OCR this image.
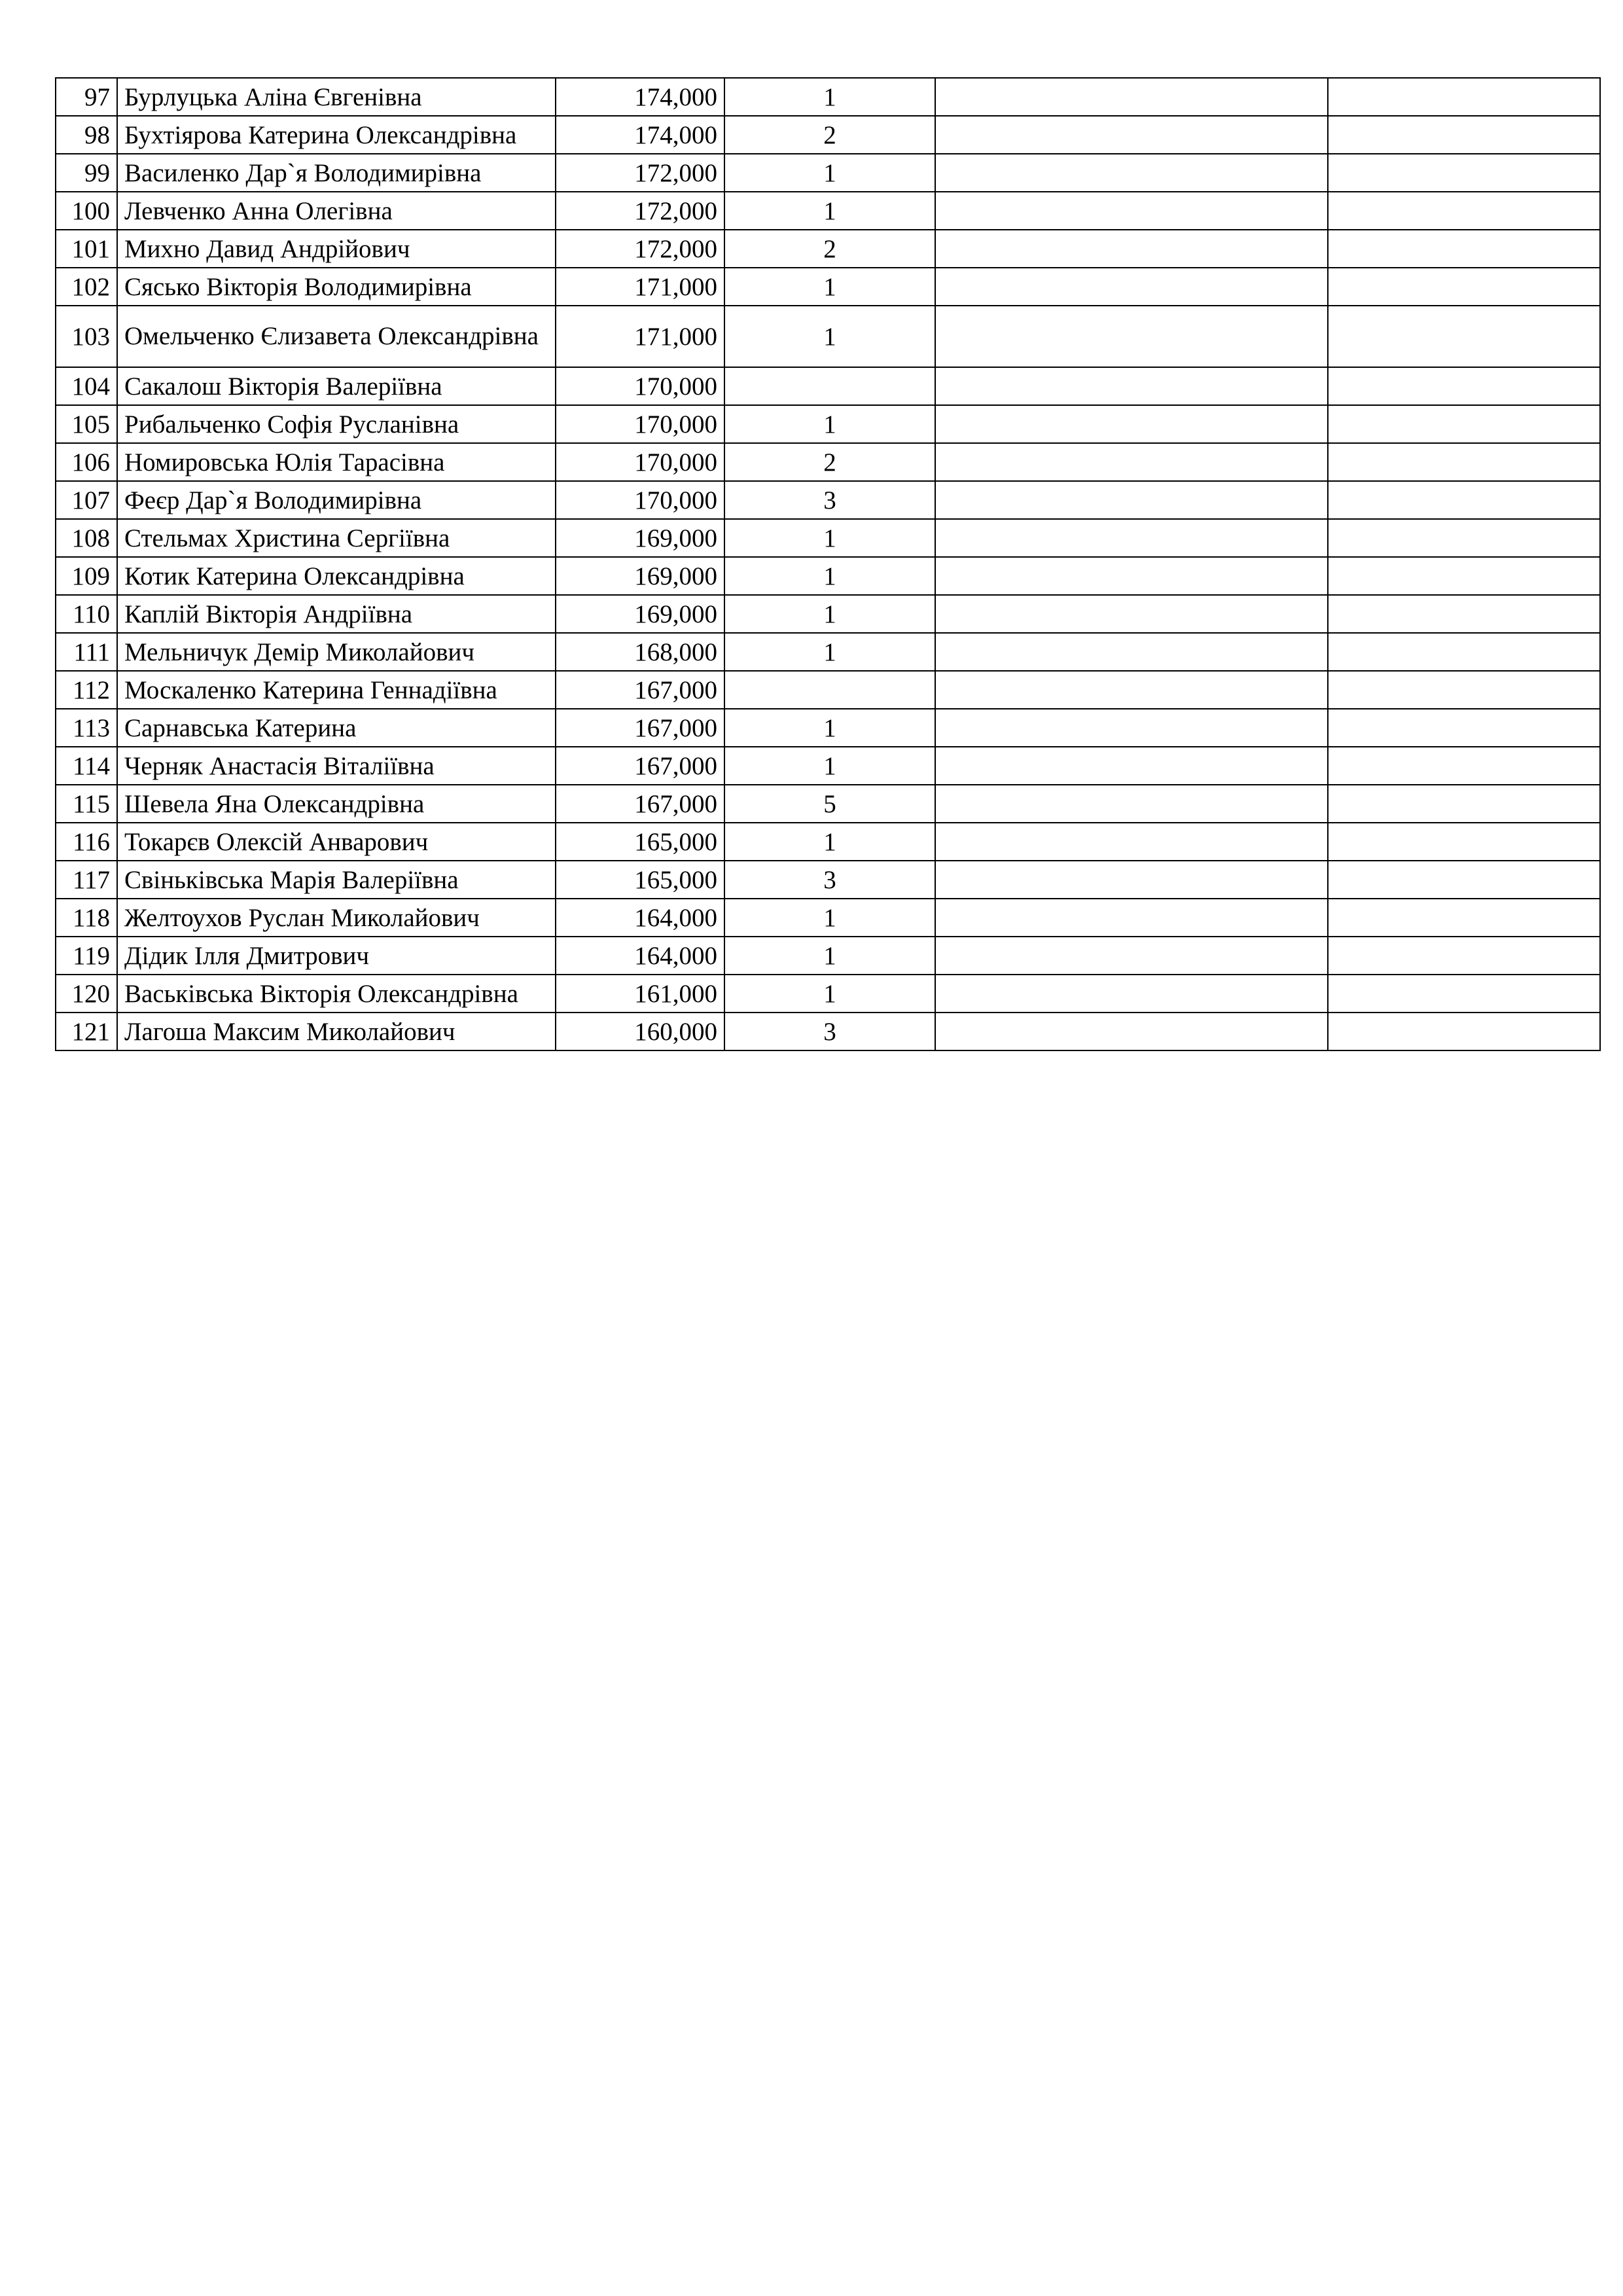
97	Бурлуцька Аліна Євгенівна	174,000	1		
98	Бухтіярова Катерина Олександрівна	174,000	2		
99	Василенко Дар`я Володимирівна	172,000	1		
100	Левченко Анна Олегівна	172,000	1		
101	Михно Давид Андрійович	172,000	2		
102	Сясько Вікторія Володимирівна	171,000	1		
103	Омельченко Єлизавета Олександрівна	171,000	1		
104	Сакалош Вікторія Валеріївна	170,000			
105	Рибальченко Софія Русланівна	170,000	1		
106	Номировська Юлія Тарасівна	170,000	2		
107	Феєр Дар`я Володимирівна	170,000	3		
108	Стельмах Христина Сергіївна	169,000	1		
109	Котик Катерина Олександрівна	169,000	1		
110	Каплій Вікторія Андріївна	169,000	1		
111	Мельничук Демір Миколайович	168,000	1		
112	Москаленко Катерина Геннадіївна	167,000			
113	Сарнавська Катерина	167,000	1		
114	Черняк Анастасія Віталіївна	167,000	1		
115	Шевела Яна Олександрівна	167,000	5		
116	Токарєв Олексій Анварович	165,000	1		
117	Свіньківська Марія Валеріївна	165,000	3		
118	Желтоухов Руслан Миколайович	164,000	1		
119	Дідик Ілля Дмитрович	164,000	1		
120	Васьківська Вікторія Олександрівна	161,000	1		
121	Лагоша Максим Миколайович	160,000	3		
